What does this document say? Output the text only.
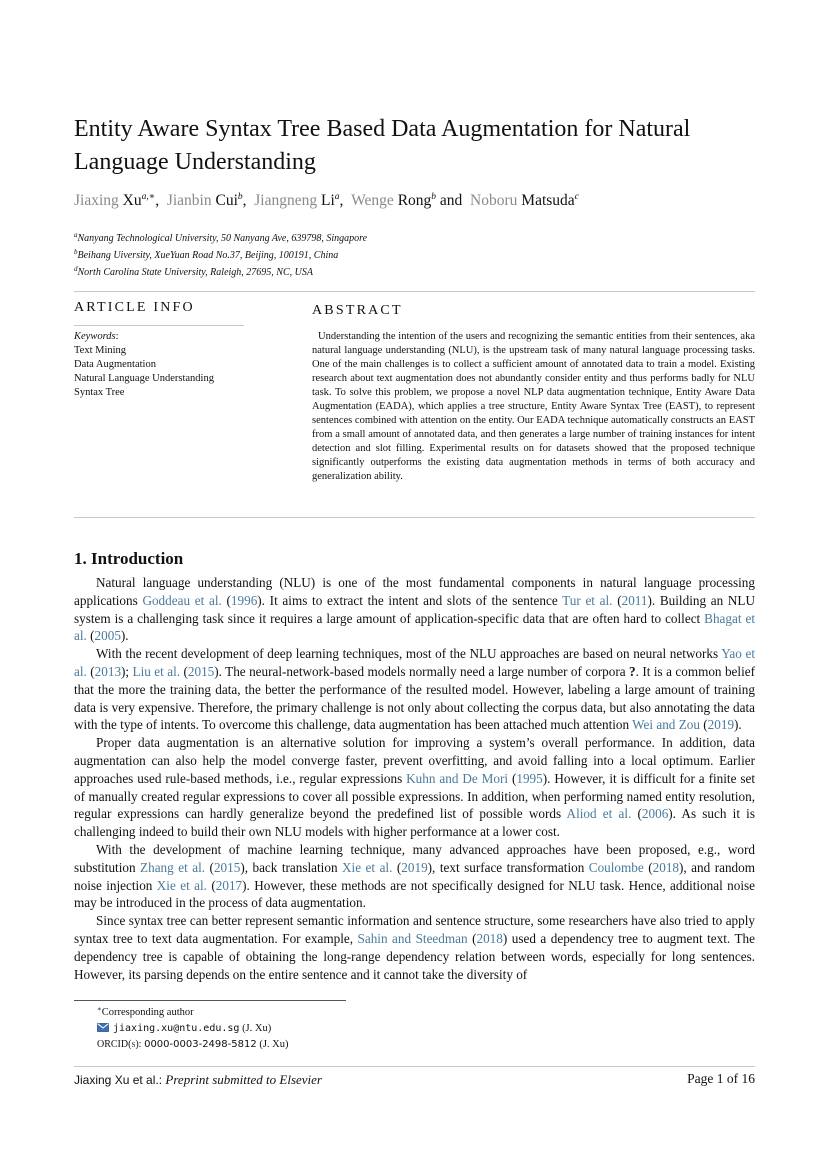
Entity Aware Syntax Tree Based Data Augmentation for Natural Language Understanding
Jiaxing $Xu^{a,∗}$,  Jianbin Cui$^b$,  Jiangneng Li$^a$,  Wenge Rong$^b$ and  Noboru Matsuda$^c$
$^a$Nanyang Technological University, 50 Nanyang Ave, 639798, Singapore
$^b$Beihang Uiversity, XueYuan Road No.37, Beijing, 100191, China
$^d$North Carolina State University, Raleigh, 27695, NC, USA
ARTICLE INFO	ABSTRACT
Keywords:
Text Mining
Data Augmentation
Natural Language Understanding
Syntax Tree
Understanding the intention of the users and recognizing the semantic entities from their sentences, aka natural language understanding (NLU), is the upstream task of many natural language processing tasks. One of the main challenges is to collect a sufficient amount of annotated data to train a model. Existing research about text augmentation does not abundantly consider entity and thus performs badly for NLU task. To solve this problem, we propose a novel NLP data augmentation technique, Entity Aware Data Augmentation (EADA), which applies a tree structure, Entity Aware Syntax Tree (EAST), to represent sentences combined with attention on the entity. Our EADA technique automatically constructs an EAST from a small amount of annotated data, and then generates a large number of training instances for intent detection and slot filling. Experimental results on for datasets showed that the proposed technique significantly outperforms the existing data augmentation methods in terms of both accuracy and generalization ability.
1. Introduction

Natural language understanding (NLU) is one of the most fundamental components in natural language processing applications Goddeau et al. (1996). It aims to extract the intent and slots of the sentence Tur et al. (2011). Building an NLU system is a challenging task since it requires a large amount of application-specific data that are often hard to collect Bhagat et al. (2005).

With the recent development of deep learning techniques, most of the NLU approaches are based on neural networks Yao et al. (2013); Liu et al. (2015). The neural-network-based models normally need a large number of corpora ?. It is a common belief that the more the training data, the better the performance of the resulted model. However, labeling a large amount of training data is very expensive. Therefore, the primary challenge is not only about collecting the corpus data, but also annotating the data with the type of intents. To overcome this challenge, data augmentation has been attached much attention Wei and Zou (2019).

Proper data augmentation is an alternative solution for improving a system’s overall performance. In addition, data augmentation can also help the model converge faster, prevent overfitting, and avoid falling into a local optimum. Earlier approaches used rule-based methods, i.e., regular expressions Kuhn and De Mori (1995). However, it is difficult for a finite set of manually created regular expressions to cover all possible expressions. In addition, when performing named entity resolution, regular expressions can hardly generalize beyond the predefined list of possible words Aliod et al. (2006). As such it is challenging indeed to build their own NLU models with higher performance at a lower cost.

With the development of machine learning technique, many advanced approaches have been proposed, e.g., word substitution Zhang et al. (2015), back translation Xie et al. (2019), text surface transformation Coulombe (2018), and random noise injection Xie et al. (2017). However, these methods are not specifically designed for NLU task. Hence, additional noise may be introduced in the process of data augmentation.

Since syntax tree can better represent semantic information and sentence structure, some researchers have also tried to apply syntax tree to text data augmentation. For example, Sahin and Steedman (2018) used a dependency tree to augment text. The dependency tree is capable of obtaining the long-range dependency relation between words, especially for long sentences. However, its parsing depends on the entire sentence and it cannot take the diversity of

∗Corresponding author
jiaxing.xu@ntu.edu.sg (J. Xu)
ORCID(s): 0000-0003-2498-5812 (J. Xu)
Jiaxing Xu et al.: Preprint submitted to Elsevier	Page 1 of 16
